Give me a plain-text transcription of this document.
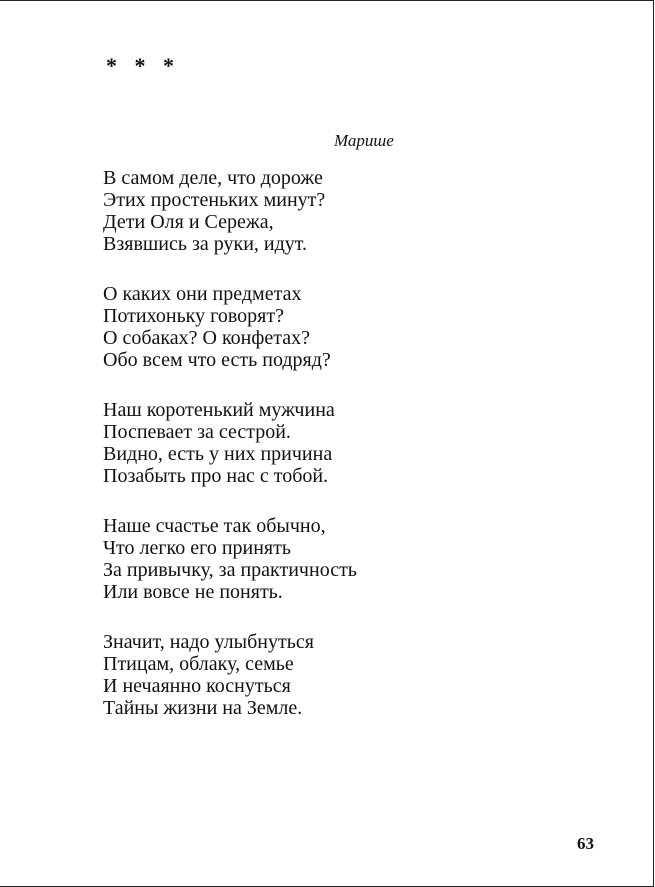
* * *
Марише
В самом деле, что дороже
Этих простеньких минут?
Дети Оля и Сережа,
Взявшись за руки, идут.
О каких они предметах
Потихоньку говорят?
О собаках? О конфетах?
Обо всем что есть подряд?
Наш коротенький мужчина
Поспевает за сестрой.
Видно, есть у них причина
Позабыть про нас с тобой.
Наше счастье так обычно,
Что легко его принять
За привычку, за практичность
Или вовсе не понять.
Значит, надо улыбнуться
Птицам, облаку, семье
И нечаянно коснуться
Тайны жизни на Земле.
63
